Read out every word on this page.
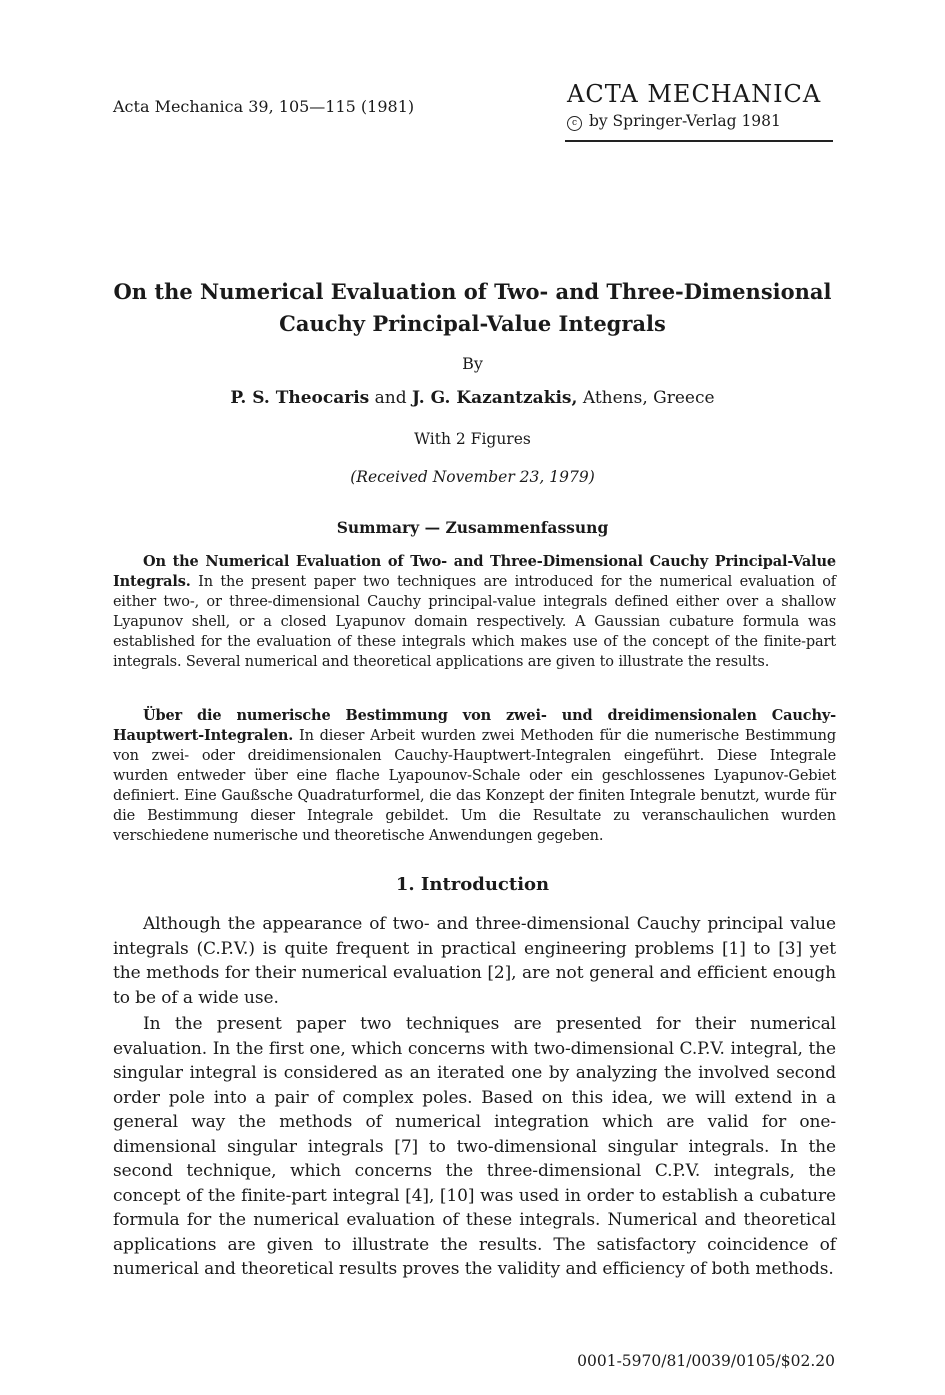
Acta Mechanica 39, 105—115 (1981)	ACTA MECHANICA
c by Springer-Verlag 1981
On the Numerical Evaluation of Two- and Three-Dimensional
Cauchy Principal-Value Integrals
By
P. S. Theocaris and J. G. Kazantzakis, Athens, Greece
With 2 Figures
(Received November 23, 1979)
Summary — Zusammenfassung

On the Numerical Evaluation of Two- and Three-Dimensional Cauchy Principal-Value Integrals. In the present paper two techniques are introduced for the numerical evaluation of either two-, or three-dimensional Cauchy principal-value integrals defined either over a shallow Lyapunov shell, or a closed Lyapunov domain respectively. A Gaussian cubature formula was established for the evaluation of these integrals which makes use of the concept of the finite-part integrals. Several numerical and theoretical applications are given to illustrate the results.

Über die numerische Bestimmung von zwei- und dreidimensionalen Cauchy-Hauptwert-Integralen. In dieser Arbeit wurden zwei Methoden für die numerische Bestimmung von zwei- oder dreidimensionalen Cauchy-Hauptwert-Integralen eingeführt. Diese Integrale wurden entweder über eine flache Lyapounov-Schale oder ein geschlossenes Lyapunov-Gebiet definiert. Eine Gaußsche Quadraturformel, die das Konzept der finiten Integrale benutzt, wurde für die Bestimmung dieser Integrale gebildet. Um die Resultate zu veranschaulichen wurden verschiedene numerische und theoretische Anwendungen gegeben.

1. Introduction

Although the appearance of two- and three-dimensional Cauchy principal value integrals (C.P.V.) is quite frequent in practical engineering problems [1] to [3] yet the methods for their numerical evaluation [2], are not general and efficient enough to be of a wide use.

In the present paper two techniques are presented for their numerical evaluation. In the first one, which concerns with two-dimensional C.P.V. integral, the singular integral is considered as an iterated one by analyzing the involved second order pole into a pair of complex poles. Based on this idea, we will extend in a general way the methods of numerical integration which are valid for one-dimensional singular integrals [7] to two-dimensional singular integrals. In the second technique, which concerns the three-dimensional C.P.V. integrals, the concept of the finite-part integral [4], [10] was used in order to establish a cubature formula for the numerical evaluation of these integrals. Numerical and theoretical applications are given to illustrate the results. The satisfactory coincidence of numerical and theoretical results proves the validity and efficiency of both methods.

0001-5970/81/0039/0105/$02.20
